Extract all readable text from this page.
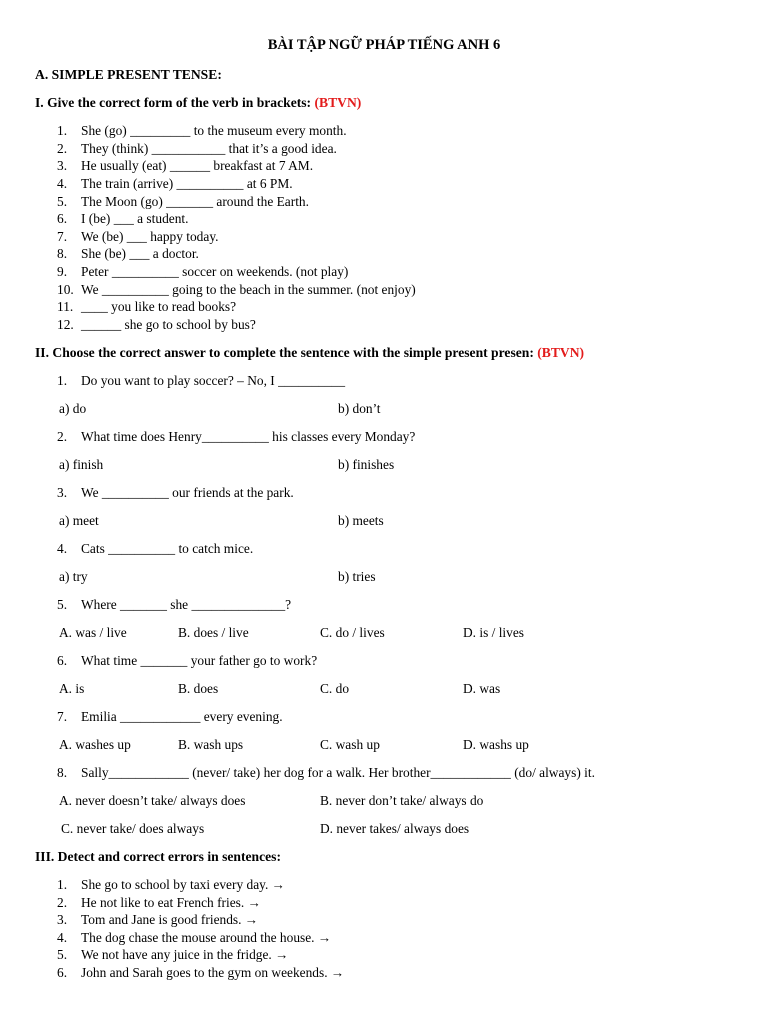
BÀI TẬP NGỮ PHÁP TIẾNG ANH 6
A. SIMPLE PRESENT TENSE:
I. Give the correct form of the verb in brackets: (BTVN)
1. She (go) _________ to the museum every month.
2. They (think) ___________ that it’s a good idea.
3. He usually (eat) ______ breakfast at 7 AM.
4. The train (arrive) __________ at 6 PM.
5. The Moon (go) _______ around the Earth.
6. I (be) ___ a student.
7. We (be) ___ happy today.
8. She (be) ___ a doctor.
9. Peter __________ soccer on weekends. (not play)
10. We __________ going to the beach in the summer. (not enjoy)
11. ____ you like to read books?
12. ______ she go to school by bus?
II. Choose the correct answer to complete the sentence with the simple present presen: (BTVN)
1. Do you want to play soccer? – No, I __________
a) do	b) don’t
2. What time does Henry__________ his classes every Monday?
a) finish	b) finishes
3. We __________ our friends at the park.
a) meet	b) meets
4. Cats __________ to catch mice.
a) try	b) tries
5. Where _______ she ______________?
A. was / live	B. does / live	C. do / lives	D. is / lives
6. What time _______ your father go to work?
A. is	B. does	C. do	D. was
7. Emilia ____________ every evening.
A. washes up	B. wash ups	C. wash up	D. washs up
8. Sally____________ (never/ take) her dog for a walk. Her brother____________ (do/ always) it.
A. never doesn’t take/ always does	B. never don’t take/ always do
C. never take/ does always	D. never takes/ always does
III. Detect and correct errors in sentences:
1. She go to school by taxi every day. →
2. He not like to eat French fries. →
3. Tom and Jane is good friends. →
4. The dog chase the mouse around the house. →
5. We not have any juice in the fridge. →
6. John and Sarah goes to the gym on weekends. →
